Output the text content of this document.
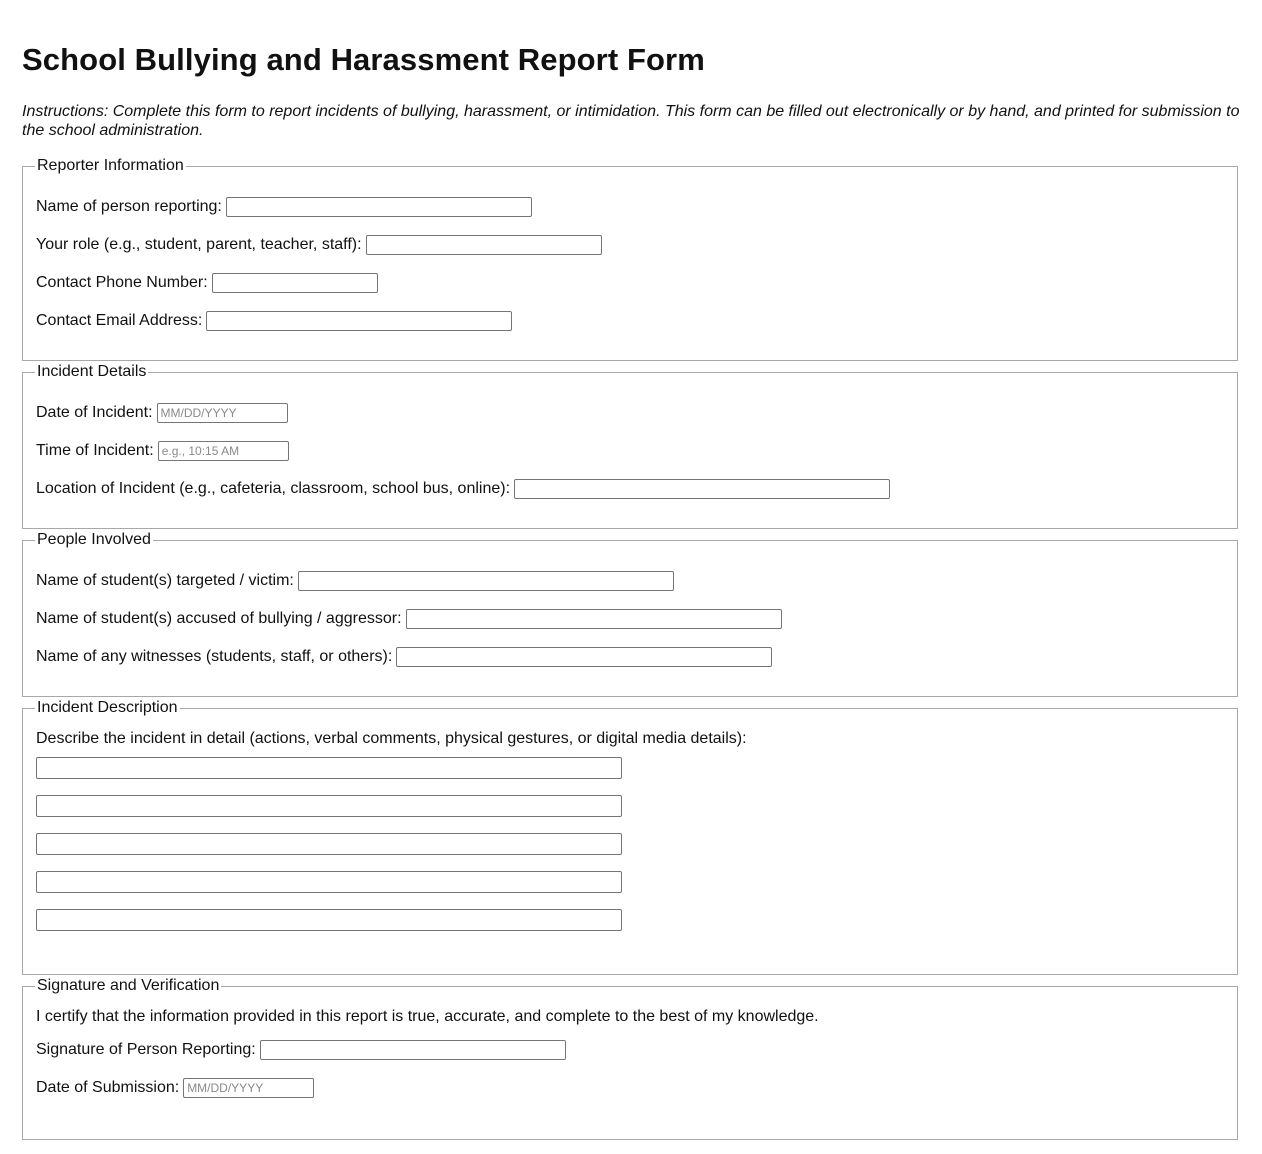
School Bullying and Harassment Report Form
Instructions: Complete this form to report incidents of bullying, harassment, or intimidation. This form can be filled out electronically or by hand, and printed for submission to the school administration.
Reporter Information
Name of person reporting:
Your role (e.g., student, parent, teacher, staff):
Contact Phone Number:
Contact Email Address:
Incident Details
Date of Incident: MM/DD/YYYY
Time of Incident: e.g., 10:15 AM
Location of Incident (e.g., cafeteria, classroom, school bus, online):
People Involved
Name of student(s) targeted / victim:
Name of student(s) accused of bullying / aggressor:
Name of any witnesses (students, staff, or others):
Incident Description
Describe the incident in detail (actions, verbal comments, physical gestures, or digital media details):
Signature and Verification
I certify that the information provided in this report is true, accurate, and complete to the best of my knowledge.
Signature of Person Reporting:
Date of Submission: MM/DD/YYYY
